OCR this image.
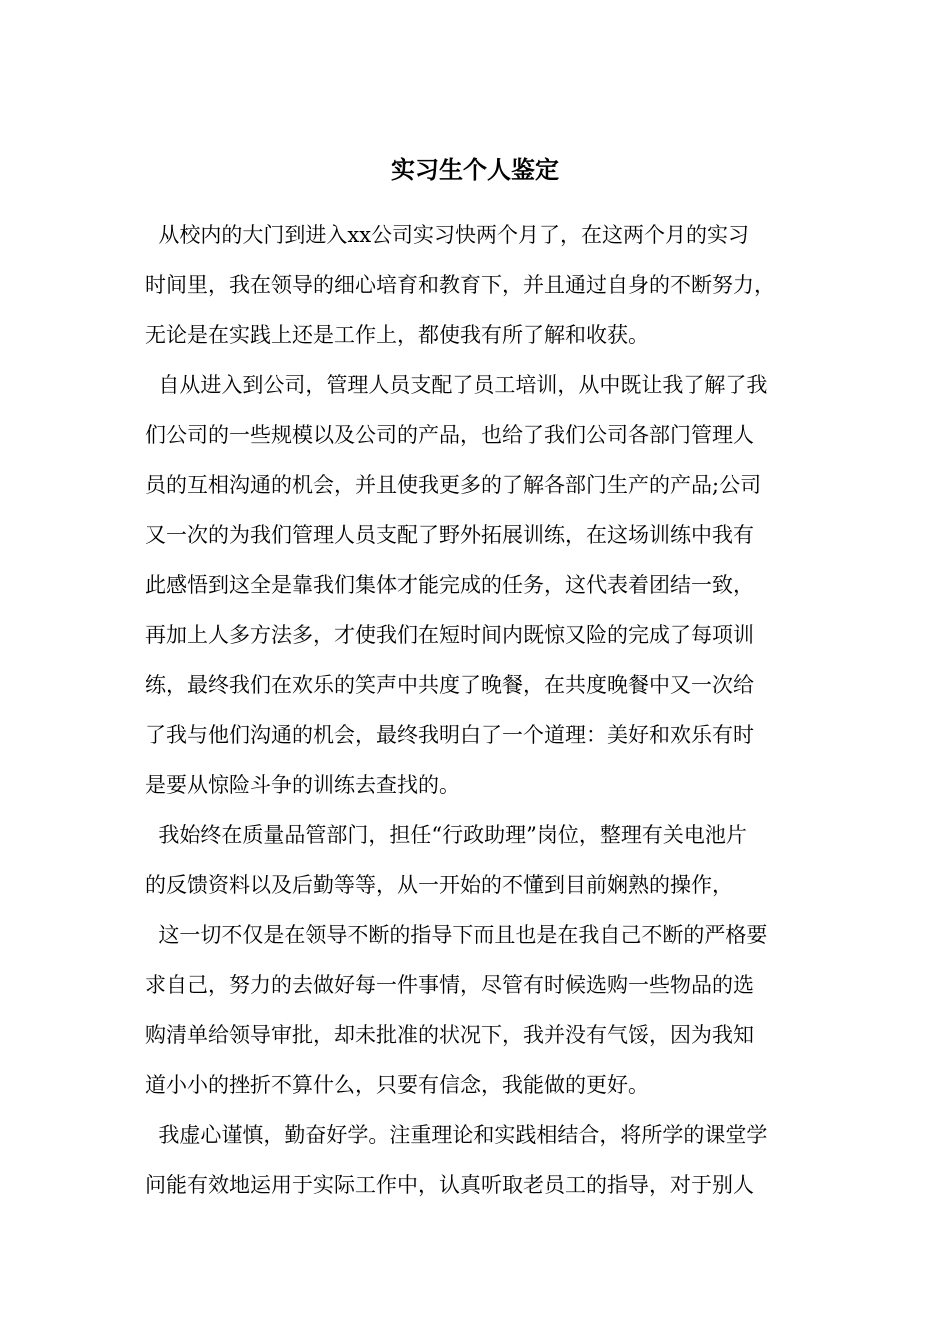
实习生个人鉴定
从校内的大门到进入xx公司实习快两个月了，在这两个月的实习
时间里，我在领导的细心培育和教育下，并且通过自身的不断努力，
无论是在实践上还是工作上，都使我有所了解和收获。
自从进入到公司，管理人员支配了员工培训，从中既让我了解了我
们公司的一些规模以及公司的产品，也给了我们公司各部门管理人
员的互相沟通的机会，并且使我更多的了解各部门生产的产品;公司
又一次的为我们管理人员支配了野外拓展训练，在这场训练中我有
此感悟到这全是靠我们集体才能完成的任务，这代表着团结一致，
再加上人多方法多，才使我们在短时间内既惊又险的完成了每项训
练，最终我们在欢乐的笑声中共度了晚餐，在共度晚餐中又一次给
了我与他们沟通的机会，最终我明白了一个道理：美好和欢乐有时
是要从惊险斗争的训练去查找的。
我始终在质量品管部门，担任“行政助理”岗位，整理有关电池片
的反馈资料以及后勤等等，从一开始的不懂到目前娴熟的操作，
这一切不仅是在领导不断的指导下而且也是在我自己不断的严格要
求自己，努力的去做好每一件事情，尽管有时候选购一些物品的选
购清单给领导审批，却未批准的状况下，我并没有气馁，因为我知
道小小的挫折不算什么，只要有信念，我能做的更好。
我虚心谨慎，勤奋好学。注重理论和实践相结合，将所学的课堂学
问能有效地运用于实际工作中，认真听取老员工的指导，对于别人
